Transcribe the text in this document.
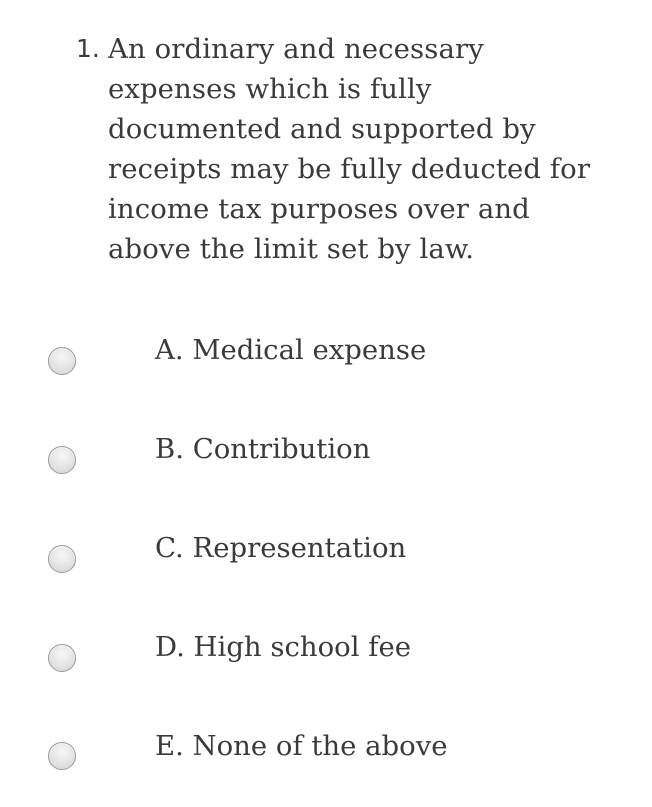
1. An ordinary and necessary expenses which is fully documented and supported by receipts may be fully deducted for income tax purposes over and above the limit set by law.
A. Medical expense
B. Contribution
C. Representation
D. High school fee
E. None of the above
